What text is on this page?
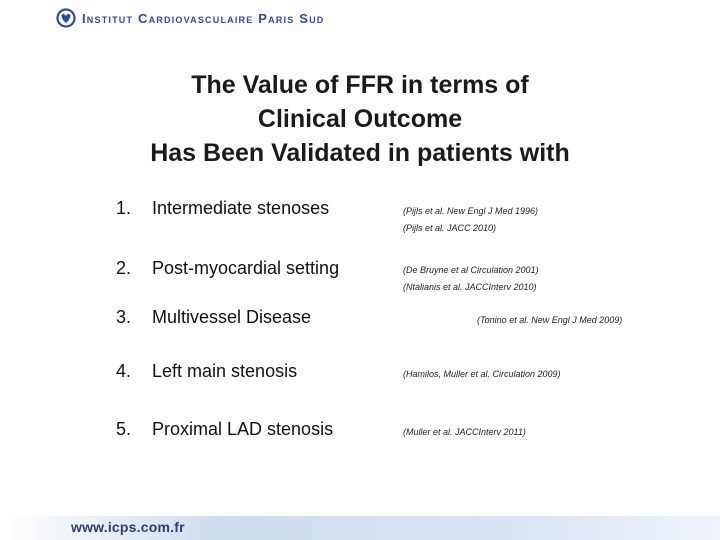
Institut Cardiovasculaire Paris Sud
The Value of FFR in terms of
Clinical Outcome
Has Been Validated in patients with
1. Intermediate stenoses	(Pijls et al. New Engl J Med 1996)
(Pijls et al. JACC 2010)
2. Post-myocardial setting	(De Bruyne et al Circulation 2001)
(Ntalianis et al. JACCInterv 2010)
3. Multivessel Disease	(Tonino et al. New Engl J Med 2009)
4. Left main stenosis	(Hamilos, Muller et al. Circulation 2009)
5. Proximal LAD stenosis	(Muller et al. JACCInterv 2011)
www.icps.com.fr
